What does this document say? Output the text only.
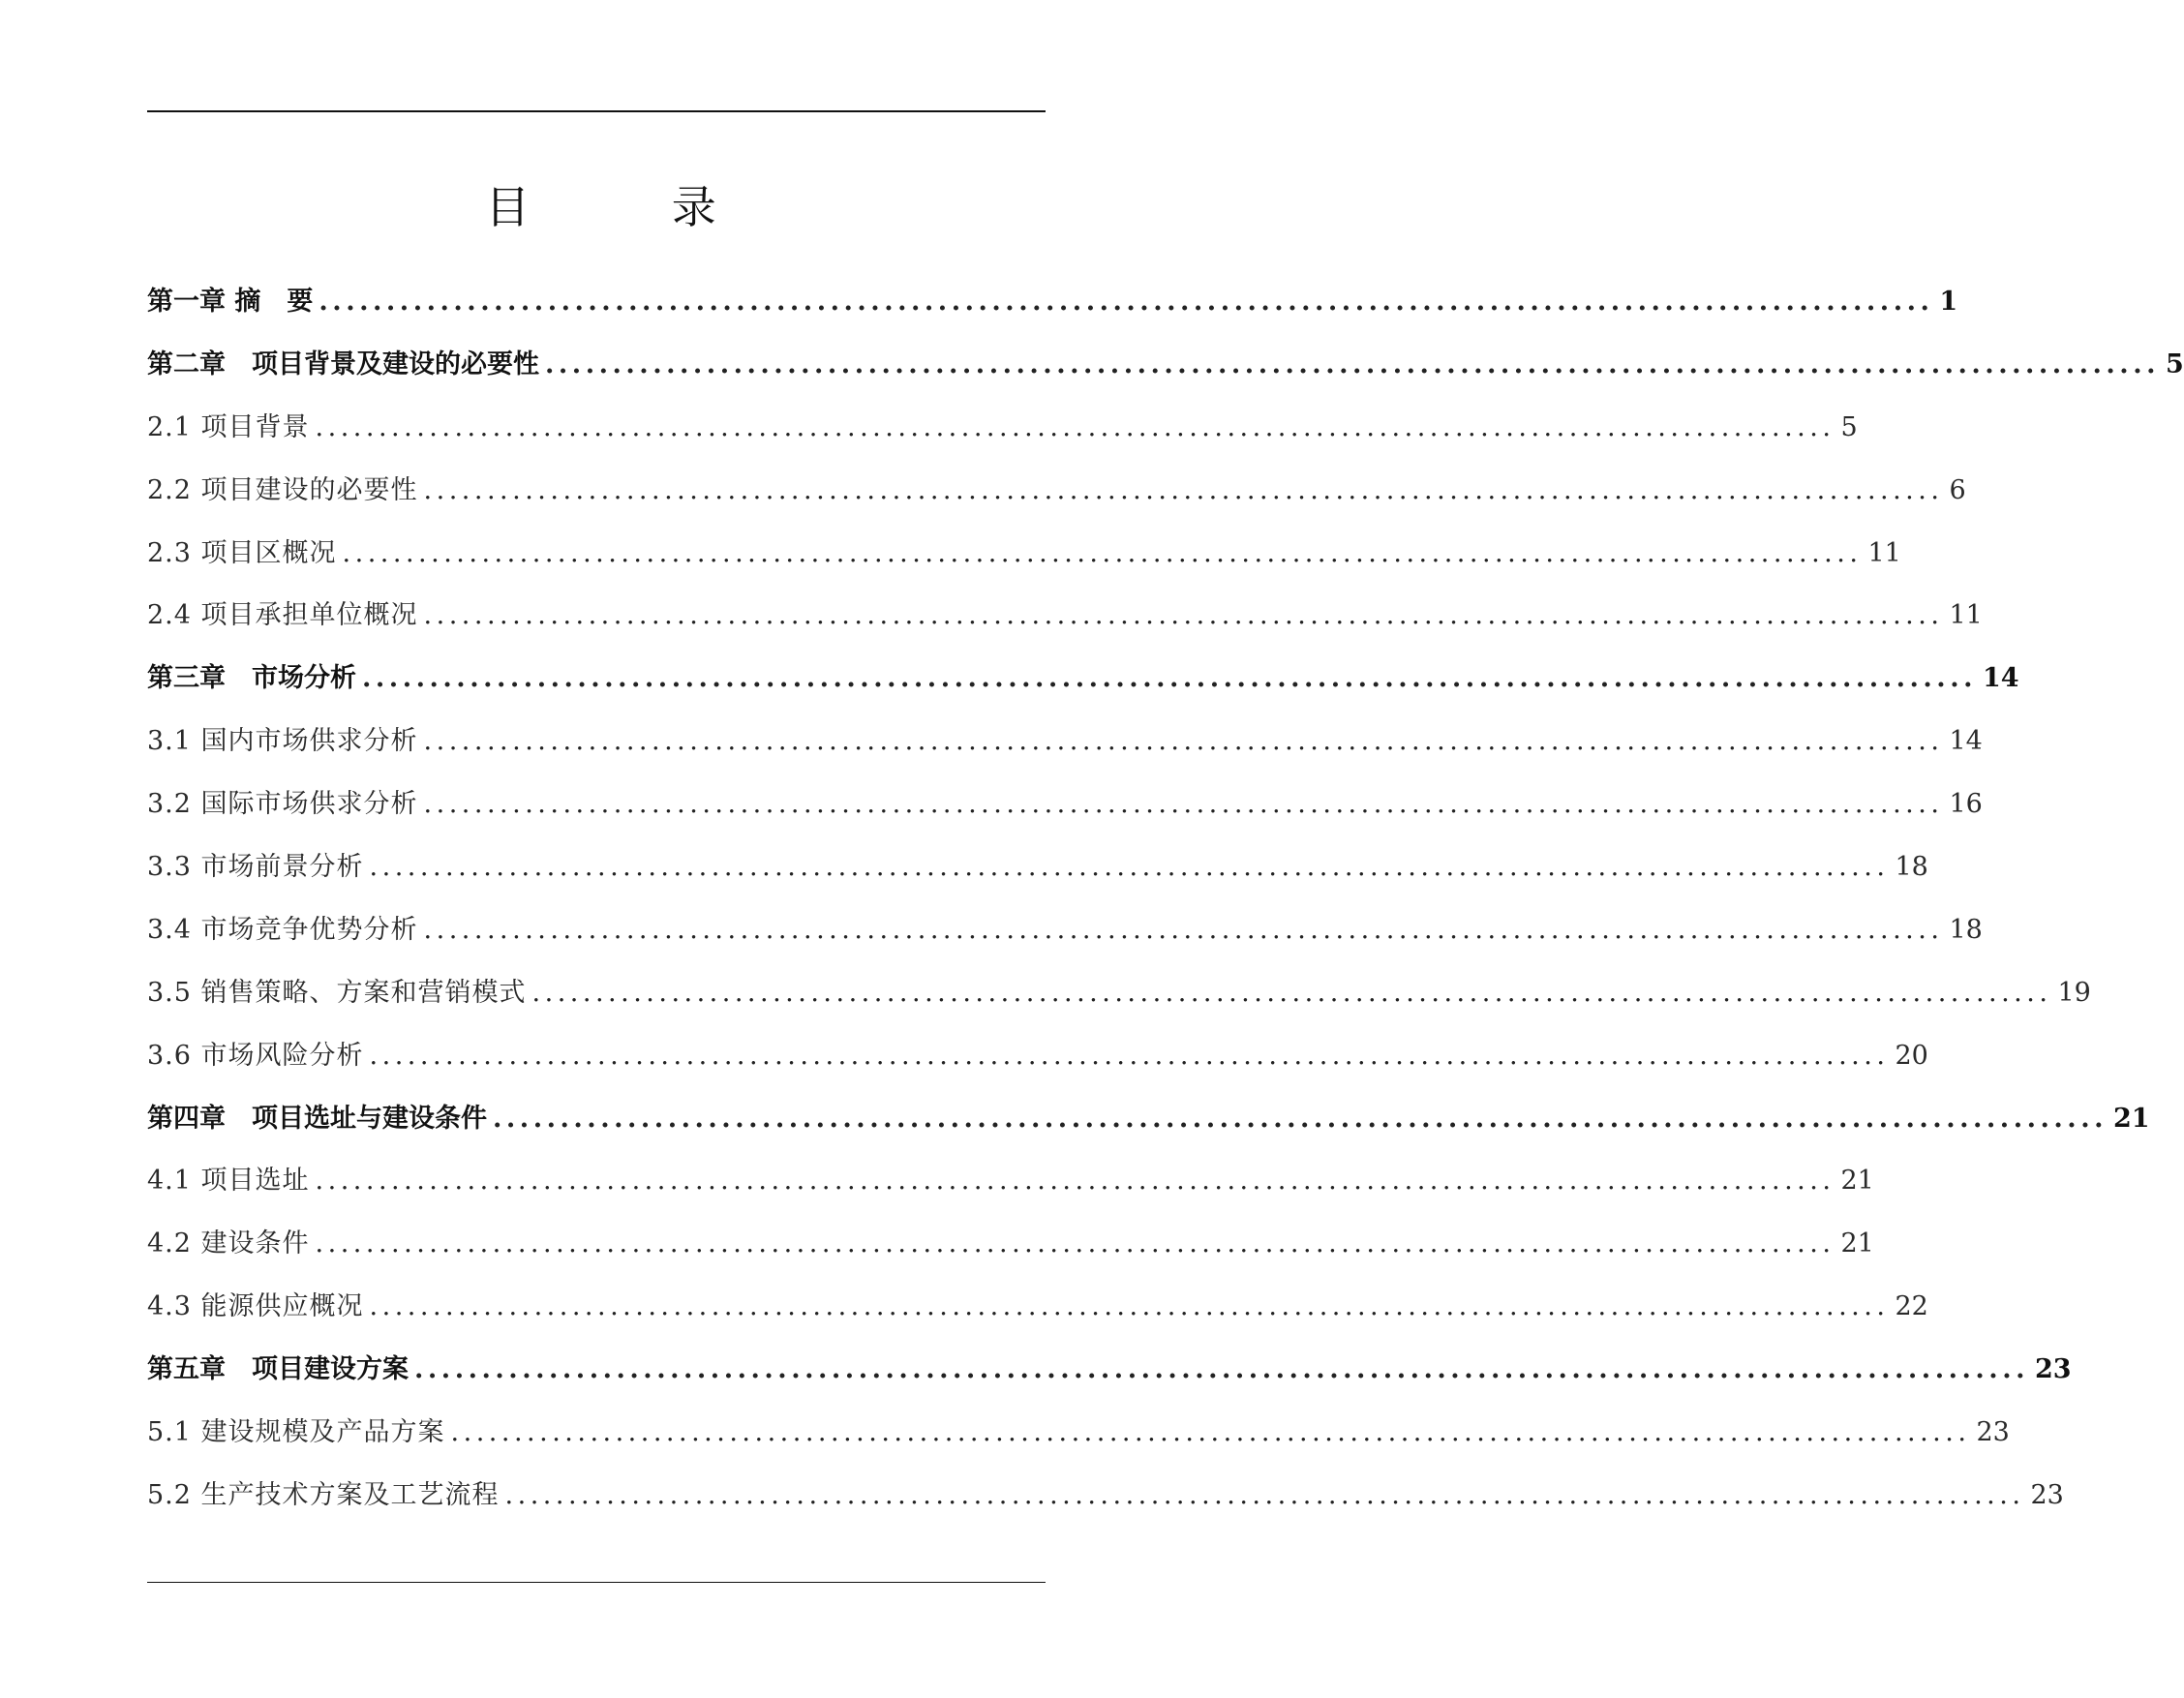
目 录
第一章 摘　要 ........................................................................................................................ 1
第二章　项目背景及建设的必要性 ........................................................................................................................ 5
2.1 项目背景 ........................................................................................................................ 5
2.2 项目建设的必要性 ........................................................................................................................ 6
2.3 项目区概况 ........................................................................................................................ 11
2.4 项目承担单位概况 ........................................................................................................................ 11
第三章　市场分析 ........................................................................................................................ 14
3.1 国内市场供求分析 ........................................................................................................................ 14
3.2 国际市场供求分析 ........................................................................................................................ 16
3.3 市场前景分析 ........................................................................................................................ 18
3.4 市场竞争优势分析 ........................................................................................................................ 18
3.5 销售策略、方案和营销模式 ........................................................................................................................ 19
3.6 市场风险分析 ........................................................................................................................ 20
第四章　项目选址与建设条件 ........................................................................................................................ 21
4.1 项目选址 ........................................................................................................................ 21
4.2 建设条件 ........................................................................................................................ 21
4.3 能源供应概况 ........................................................................................................................ 22
第五章　项目建设方案 ........................................................................................................................ 23
5.1 建设规模及产品方案 ........................................................................................................................ 23
5.2 生产技术方案及工艺流程 ........................................................................................................................ 23
